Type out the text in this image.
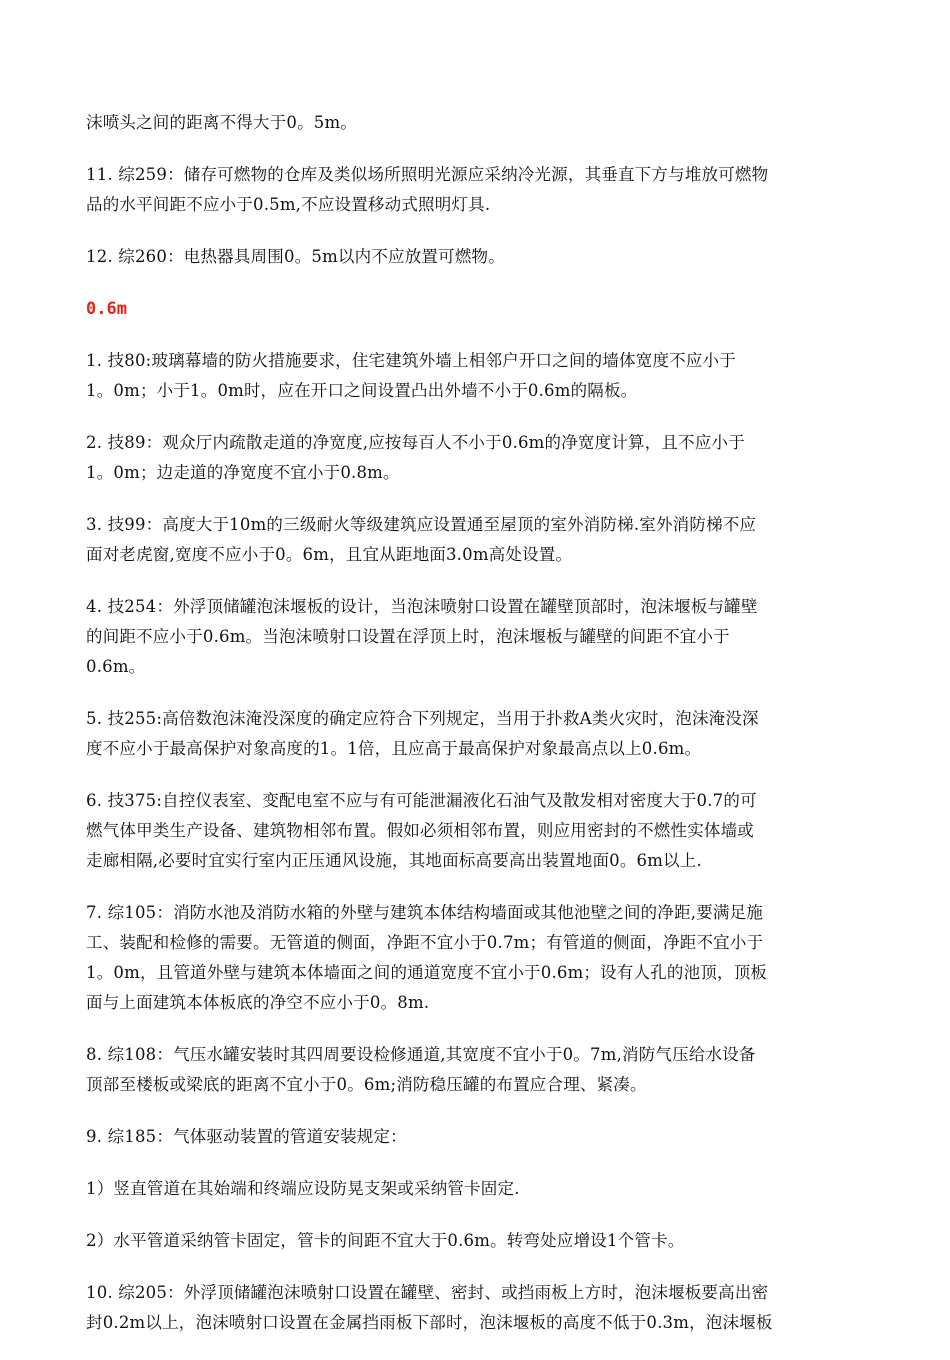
沫喷头之间的距离不得大于0。5m。

11. 综259：储存可燃物的仓库及类似场所照明光源应采纳冷光源，其垂直下方与堆放可燃物
品的水平间距不应小于0.5m,不应设置移动式照明灯具.

12. 综260：电热器具周围0。5m以内不应放置可燃物。

0.6m

1. 技80:玻璃幕墙的防火措施要求，住宅建筑外墙上相邻户开口之间的墙体宽度不应小于
1。0m；小于1。0m时，应在开口之间设置凸出外墙不小于0.6m的隔板。

2. 技89：观众厅内疏散走道的净宽度,应按每百人不小于0.6m的净宽度计算，且不应小于
1。0m；边走道的净宽度不宜小于0.8m。

3. 技99：高度大于10m的三级耐火等级建筑应设置通至屋顶的室外消防梯.室外消防梯不应
面对老虎窗,宽度不应小于0。6m，且宜从距地面3.0m高处设置。

4. 技254：外浮顶储罐泡沫堰板的设计，当泡沫喷射口设置在罐壁顶部时，泡沫堰板与罐壁
的间距不应小于0.6m。当泡沫喷射口设置在浮顶上时，泡沫堰板与罐壁的间距不宜小于
0.6m。

5. 技255:高倍数泡沫淹没深度的确定应符合下列规定，当用于扑救A类火灾时，泡沫淹没深
度不应小于最高保护对象高度的1。1倍，且应高于最高保护对象最高点以上0.6m。

6. 技375:自控仪表室、变配电室不应与有可能泄漏液化石油气及散发相对密度大于0.7的可
燃气体甲类生产设备、建筑物相邻布置。假如必须相邻布置，则应用密封的不燃性实体墙或
走廊相隔,必要时宜实行室内正压通风设施，其地面标高要高出装置地面0。6m以上.

7. 综105：消防水池及消防水箱的外壁与建筑本体结构墙面或其他池壁之间的净距,要满足施
工、装配和检修的需要。无管道的侧面，净距不宜小于0.7m；有管道的侧面，净距不宜小于
1。0m，且管道外壁与建筑本体墙面之间的通道宽度不宜小于0.6m；设有人孔的池顶，顶板
面与上面建筑本体板底的净空不应小于0。8m.

8. 综108：气压水罐安装时其四周要设检修通道,其宽度不宜小于0。7m,消防气压给水设备
顶部至楼板或梁底的距离不宜小于0。6m;消防稳压罐的布置应合理、紧凑。

9. 综185：气体驱动装置的管道安装规定：

1）竖直管道在其始端和终端应设防晃支架或采纳管卡固定.

2）水平管道采纳管卡固定，管卡的间距不宜大于0.6m。转弯处应增设1个管卡。

10. 综205：外浮顶储罐泡沫喷射口设置在罐壁、密封、或挡雨板上方时，泡沫堰板要高出密
封0.2m以上，泡沫喷射口设置在金属挡雨板下部时，泡沫堰板的高度不低于0.3m，泡沫堰板
